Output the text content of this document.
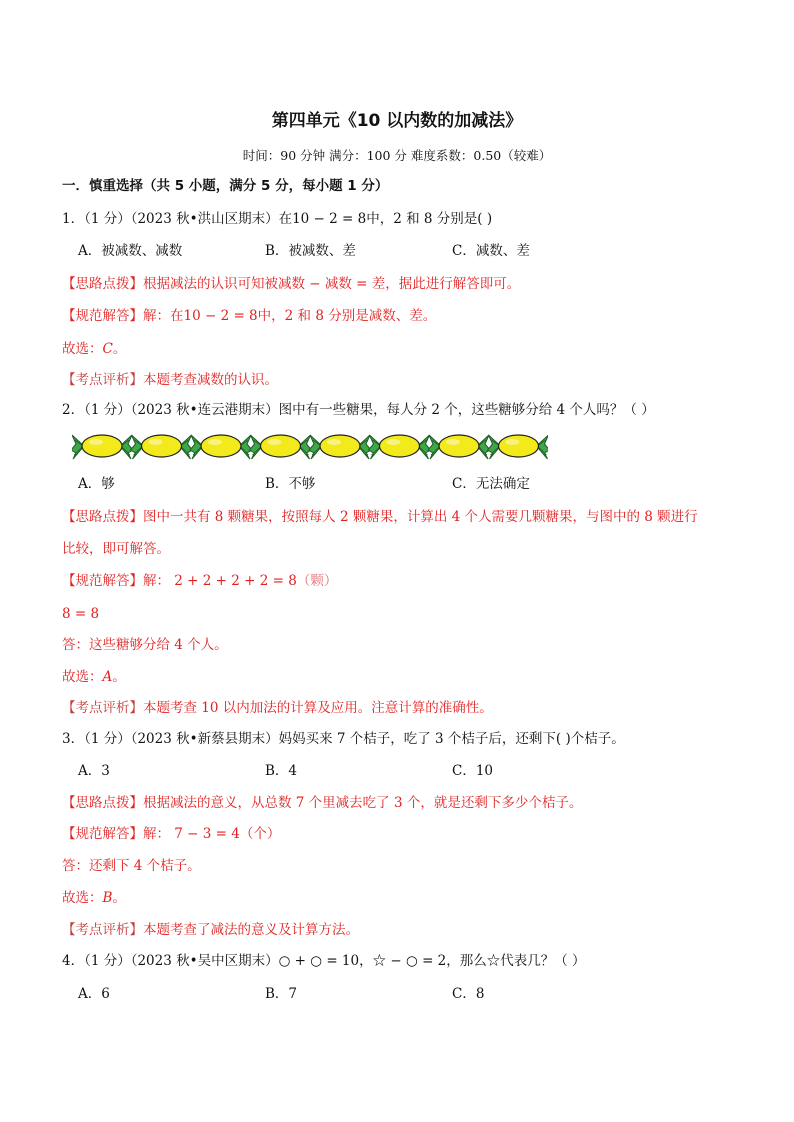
第四单元《10 以内数的加减法》
时间：90 分钟 满分：100 分 难度系数：0.50（较难）
一．慎重选择（共 5 小题，满分 5 分，每小题 1 分）
1．（1 分）（2023 秋•洪山区期末）在10 − 2 = 8中，2 和 8 分别是( )
A．被减数、减数	B．被减数、差	C．减数、差
【思路点拨】根据减法的认识可知被减数 − 减数 = 差，据此进行解答即可。
【规范解答】解：在10 − 2 = 8中，2 和 8 分别是减数、差。
故选：C。
【考点评析】本题考查减数的认识。
2．（1 分）（2023 秋•连云港期末）图中有一些糖果，每人分 2 个，这些糖够分给 4 个人吗？（ ）
A．够	B．不够	C．无法确定
【思路点拨】图中一共有 8 颗糖果，按照每人 2 颗糖果，计算出 4 个人需要几颗糖果，与图中的 8 颗进行
比较，即可解答。
【规范解答】解： 2 + 2 + 2 + 2 = 8（颗）
8 = 8
答：这些糖够分给 4 个人。
故选：A。
【考点评析】本题考查 10 以内加法的计算及应用。注意计算的准确性。
3．（1 分）（2023 秋•新蔡县期末）妈妈买来 7 个桔子，吃了 3 个桔子后，还剩下( )个桔子。
A．3	B．4	C．10
【思路点拨】根据减法的意义，从总数 7 个里减去吃了 3 个，就是还剩下多少个桔子。
【规范解答】解： 7 − 3 = 4（个）
答：还剩下 4 个桔子。
故选：B。
【考点评析】本题考查了减法的意义及计算方法。
4．（1 分）（2023 秋•吴中区期末）○ + ○ = 10，☆ − ○ = 2，那么☆代表几？（ ）
A．6	B．7	C．8
